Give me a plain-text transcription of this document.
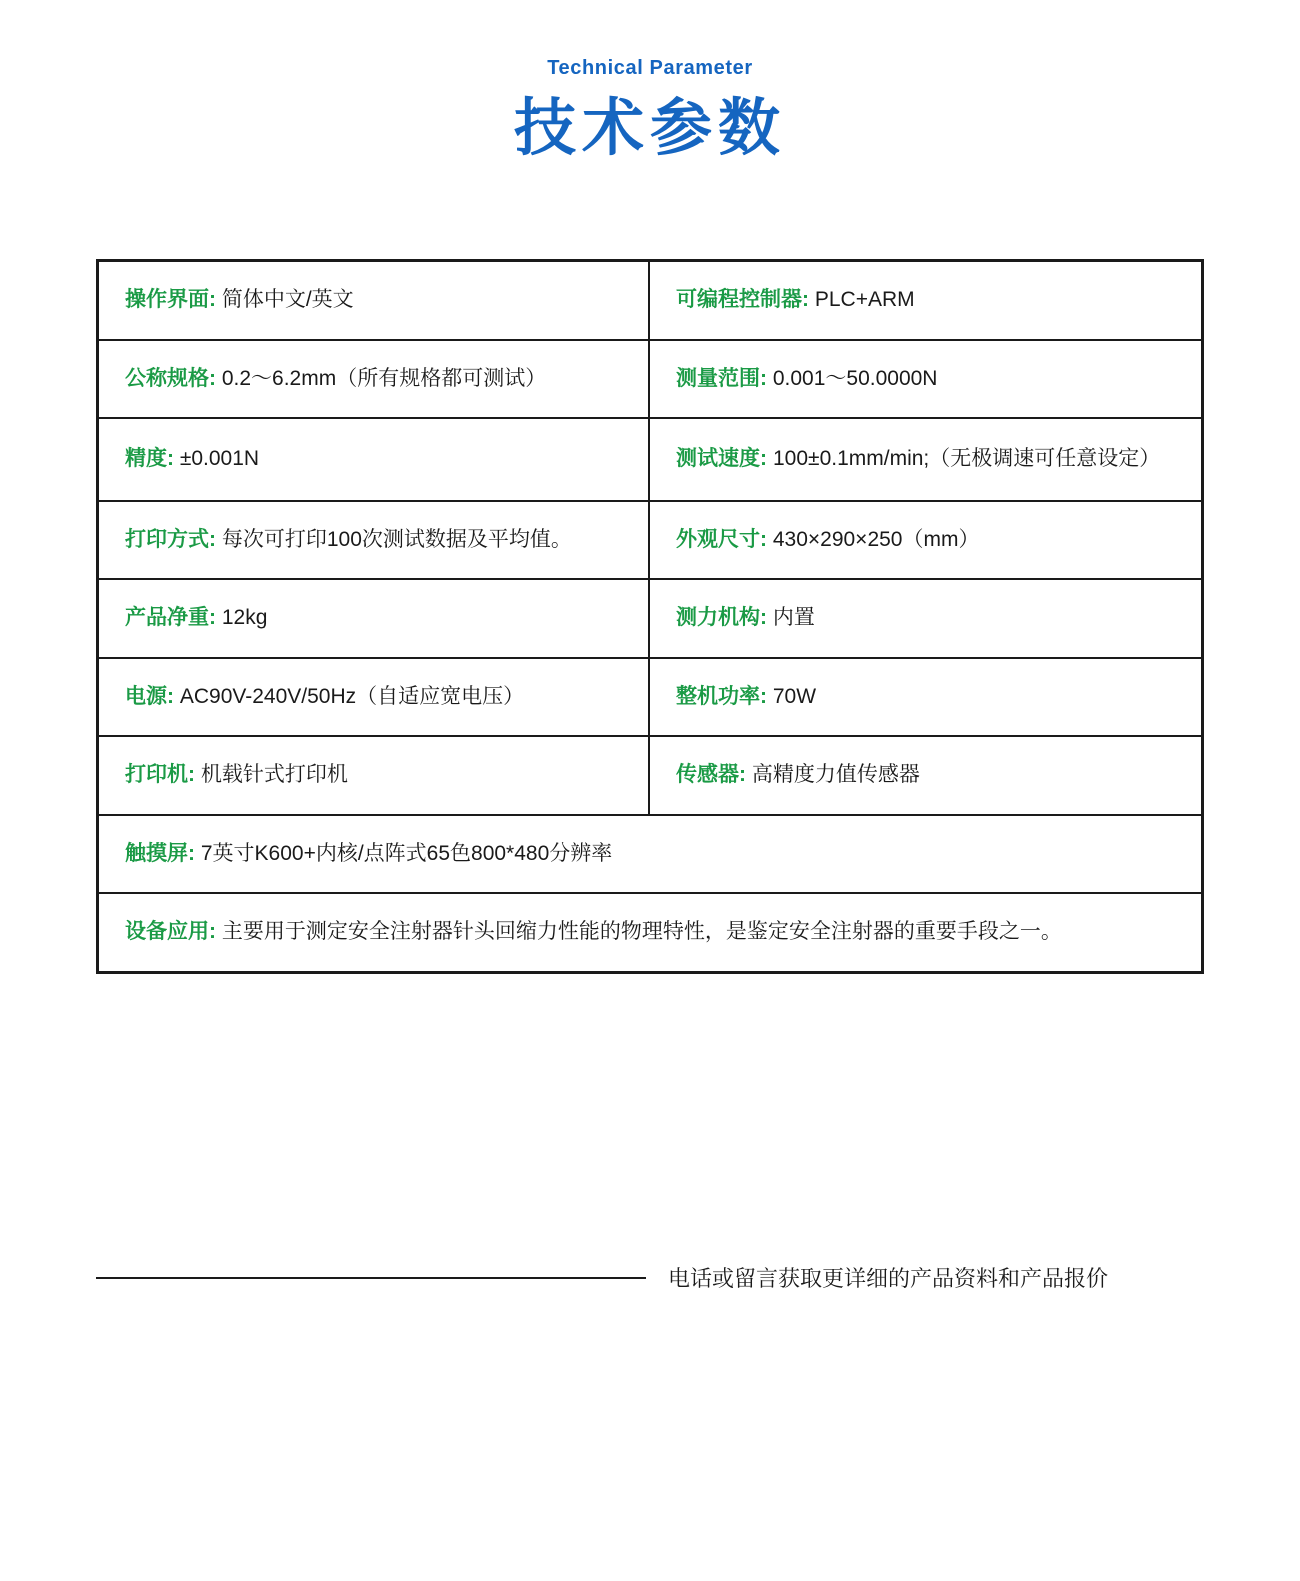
Technical Parameter
技术参数
操作界面: 简体中文/英文	可编程控制器: PLC+ARM
公称规格: 0.2～6.2mm（所有规格都可测试）	测量范围: 0.001～50.0000N
精度: ±0.001N	测试速度: 100±0.1mm/min;（无极调速可任意设定）
打印方式: 每次可打印100次测试数据及平均值。	外观尺寸: 430×290×250（mm）
产品净重: 12kg	测力机构: 内置
电源: AC90V-240V/50Hz（自适应宽电压）	整机功率: 70W
打印机: 机载针式打印机	传感器: 高精度力值传感器
触摸屏: 7英寸K600+内核/点阵式65色800*480分辨率
设备应用: 主要用于测定安全注射器针头回缩力性能的物理特性，是鉴定安全注射器的重要手段之一。
电话或留言获取更详细的产品资料和产品报价
